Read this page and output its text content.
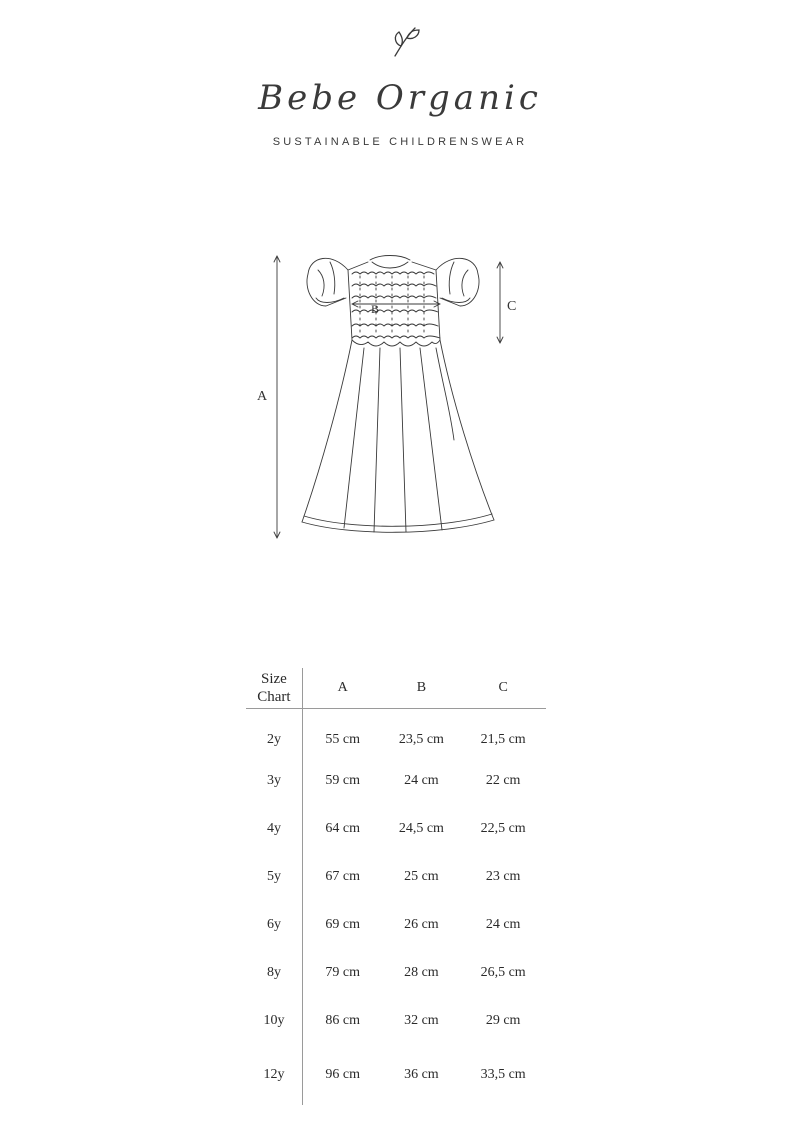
Bebe Organic
SUSTAINABLE CHILDRENSWEAR
A
B	C
Size
Chart	A	B	C
2y	55 cm	23,5 cm	21,5 cm
3y	59 cm	24 cm	22 cm
4y	64 cm	24,5 cm	22,5 cm
5y	67 cm	25 cm	23 cm
6y	69 cm	26 cm	24 cm
8y	79 cm	28 cm	26,5 cm
10y	86 cm	32 cm	29 cm
12y	96 cm	36 cm	33,5 cm
